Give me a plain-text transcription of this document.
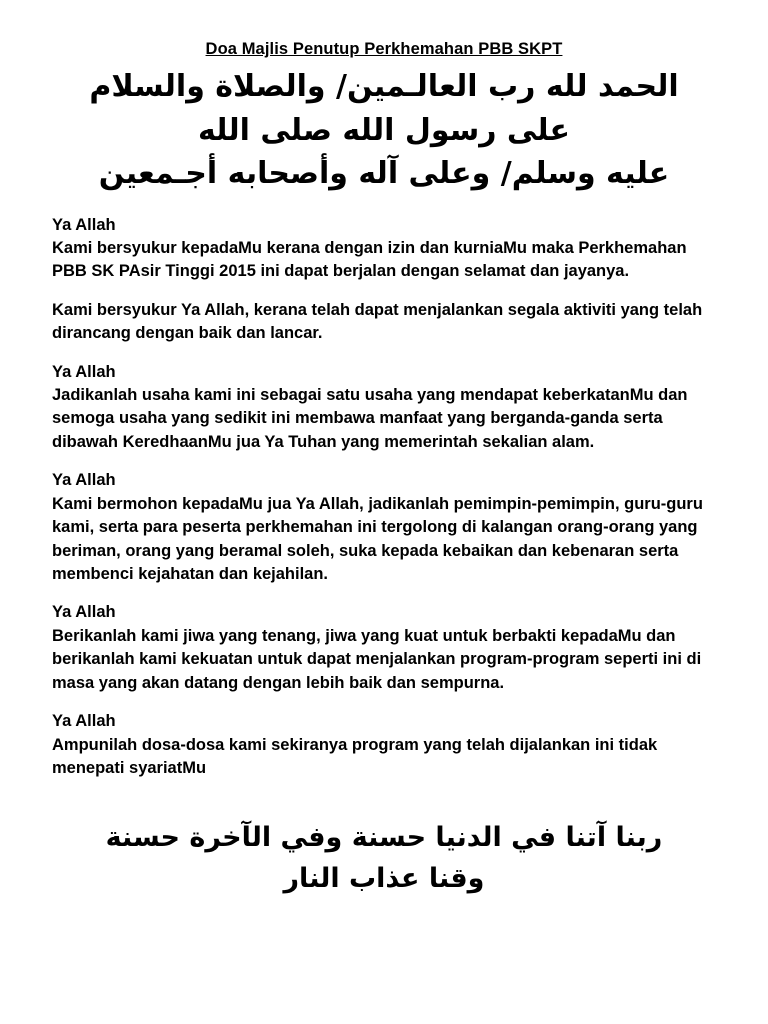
Doa Majlis Penutup Perkhemahan PBB SKPT
الحمد لله رب العالـمين/ والصلاة والسلام
على رسول الله صلى الله
عليه وسلم/ وعلى آله وأصحابه أجـمعين

Ya Allah

Kami bersyukur kepadaMu kerana dengan izin dan kurniaMu maka Perkhemahan PBB SK PAsir Tinggi 2015 ini dapat berjalan dengan selamat dan jayanya.

Kami bersyukur Ya Allah, kerana telah dapat menjalankan segala aktiviti yang telah dirancang dengan baik dan lancar.

Ya Allah

Jadikanlah usaha kami ini sebagai satu usaha yang mendapat keberkatanMu dan semoga usaha yang sedikit ini membawa manfaat yang berganda-ganda serta dibawah KeredhaanMu jua Ya Tuhan yang memerintah sekalian alam.

Ya Allah

Kami bermohon kepadaMu jua Ya Allah, jadikanlah pemimpin-pemimpin, guru-guru kami, serta para peserta perkhemahan ini tergolong di kalangan orang-orang yang beriman, orang yang beramal soleh, suka kepada kebaikan dan kebenaran serta membenci kejahatan dan kejahilan.

Ya Allah

Berikanlah kami jiwa yang tenang, jiwa yang kuat untuk berbakti kepadaMu dan berikanlah kami kekuatan untuk dapat menjalankan program-program seperti ini di masa yang akan datang dengan lebih baik dan sempurna.

Ya Allah

Ampunilah dosa-dosa kami sekiranya program yang telah dijalankan ini tidak menepati syariatMu

ربنا آتنا في الدنيا حسنة وفي الآخرة حسنة
وقنا عذاب النار
